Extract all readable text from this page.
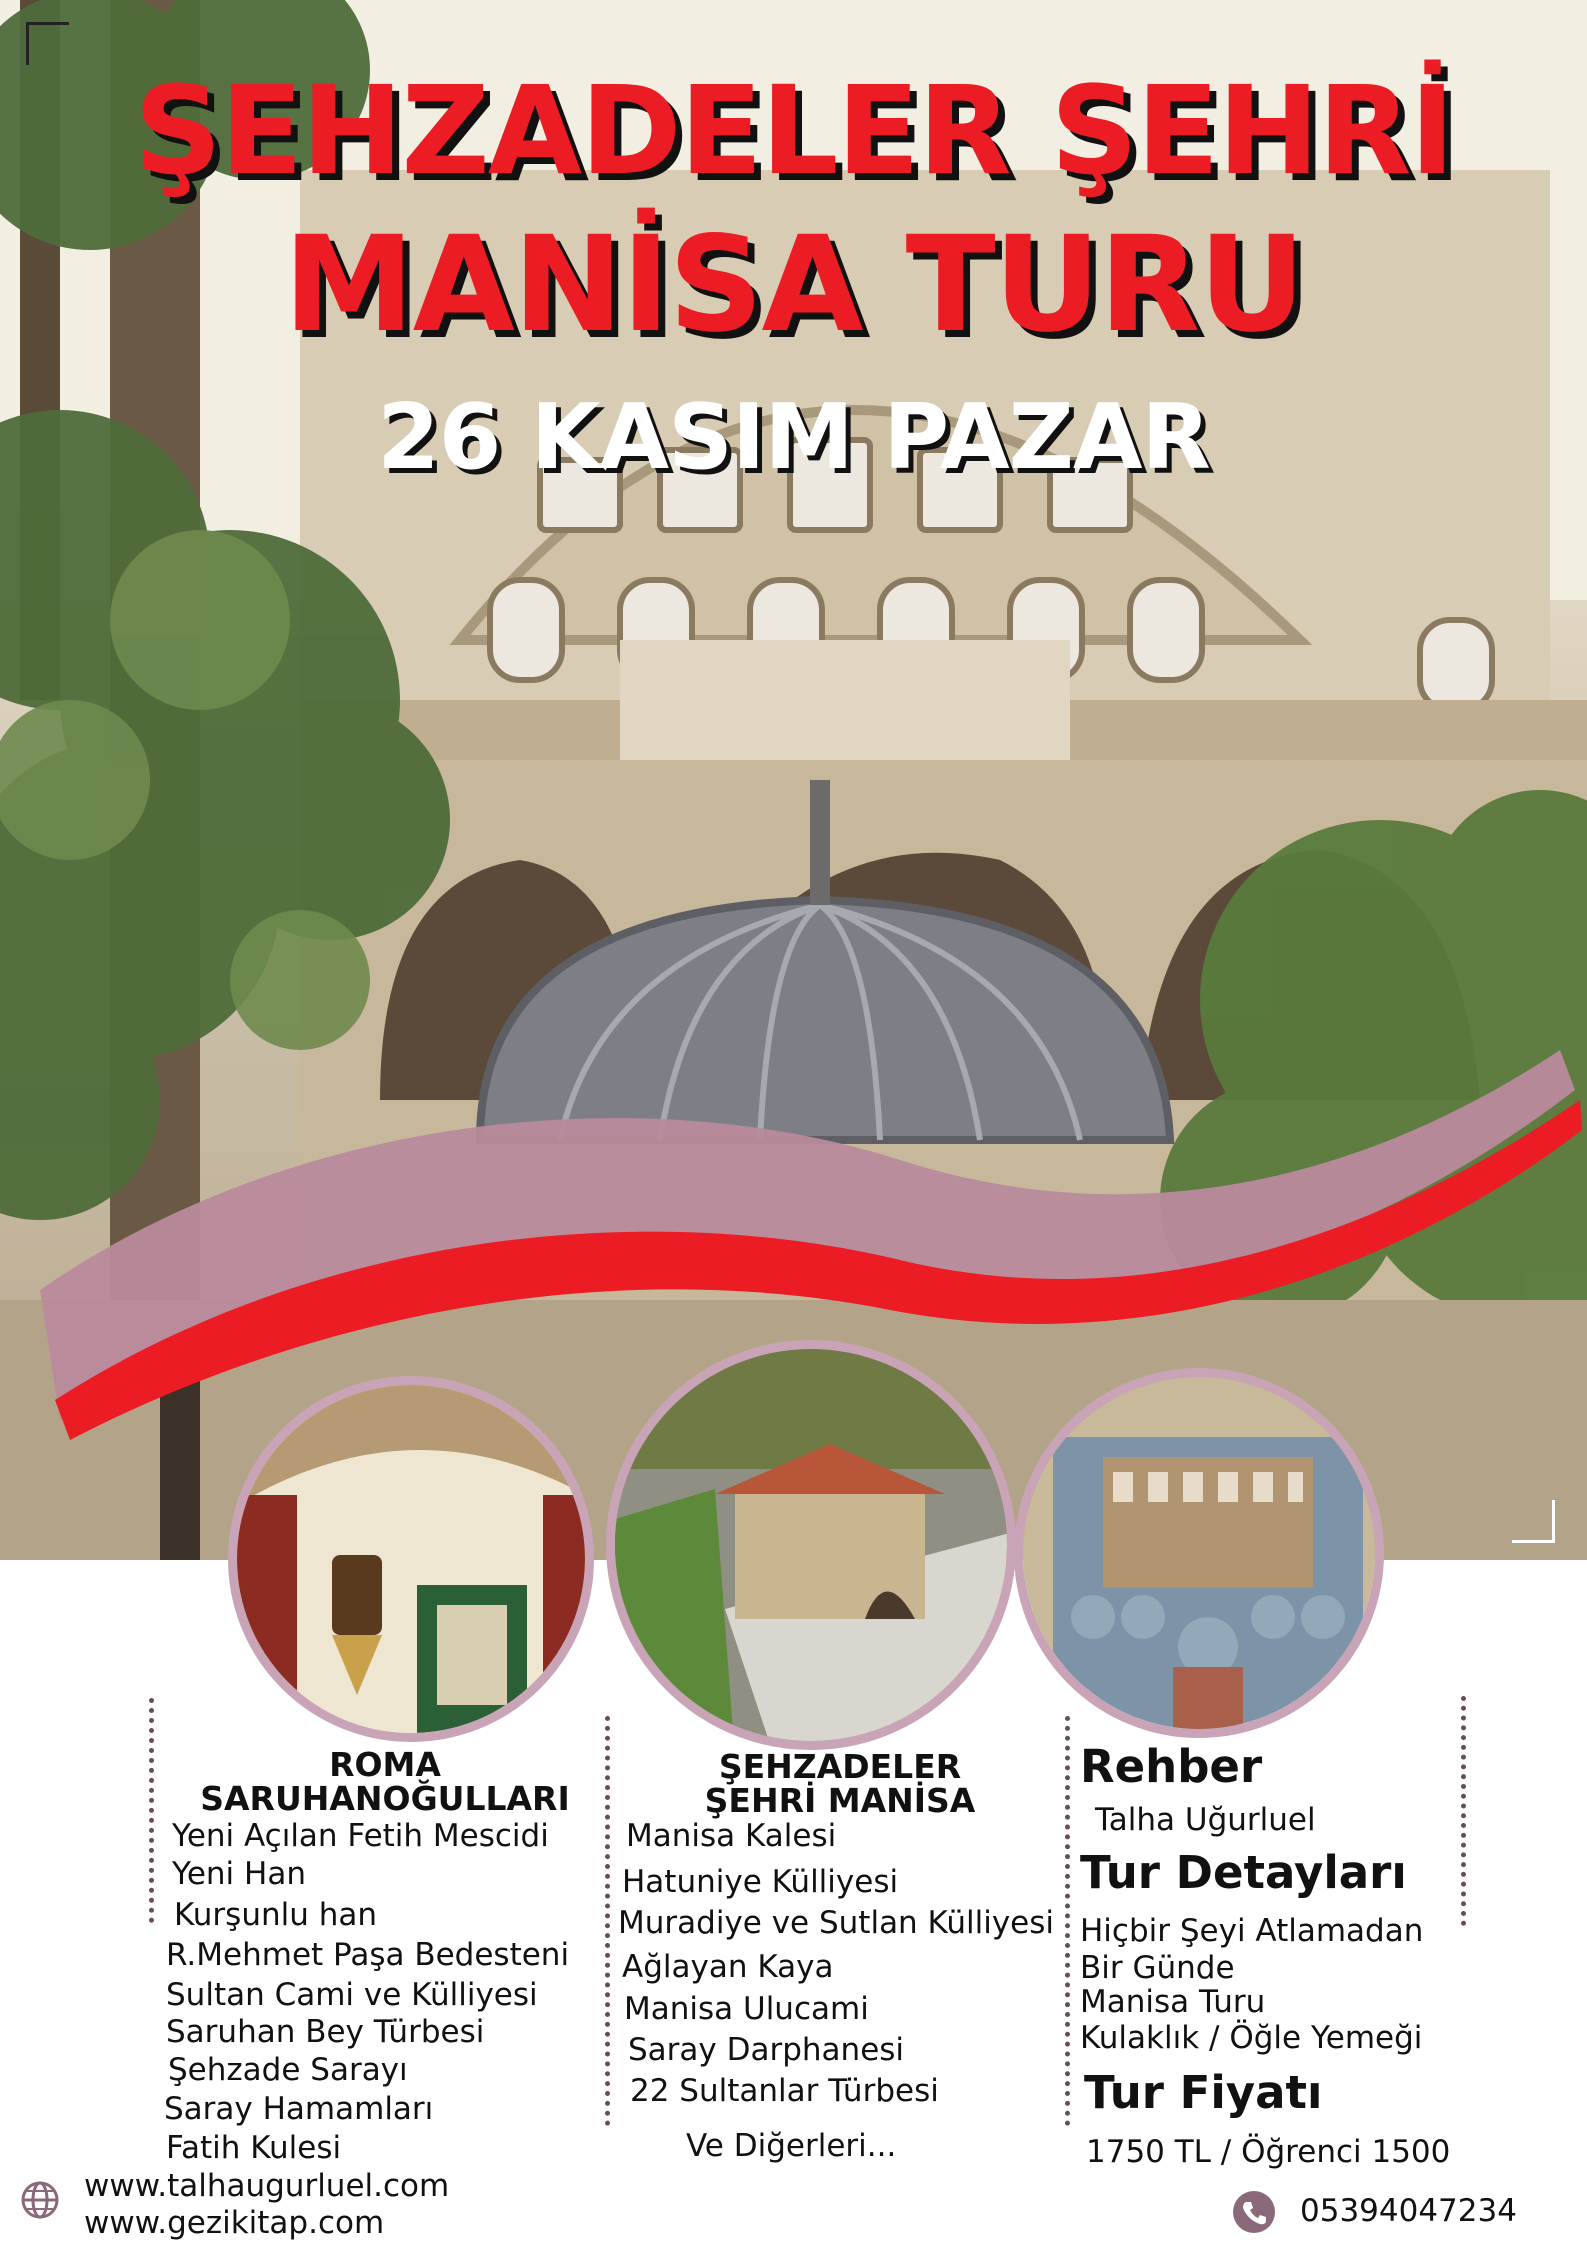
ŞEHZADELER ŞEHRİ
MANİSA TURU
26 KASIM PAZAR
ROMA
SARUHANOĞULLARI
Yeni Açılan Fetih Mescidi
Yeni Han
Kurşunlu han
R.Mehmet Paşa Bedesteni
Sultan Cami ve Külliyesi
Saruhan Bey Türbesi
Şehzade Sarayı
Saray Hamamları
Fatih Kulesi
ŞEHZADELER
ŞEHRİ MANİSA
Manisa Kalesi
Hatuniye Külliyesi
Muradiye ve Sutlan Külliyesi
Ağlayan Kaya
Manisa Ulucami
Saray Darphanesi
22 Sultanlar Türbesi
Ve Diğerleri...
Rehber
Talha Uğurluel
Tur Detayları
Hiçbir Şeyi Atlamadan
Bir Günde
Manisa Turu
Kulaklık / Öğle Yemeği
Tur Fiyatı
1750 TL / Öğrenci 1500
www.talhaugurluel.com
www.gezikitap.com	05394047234
